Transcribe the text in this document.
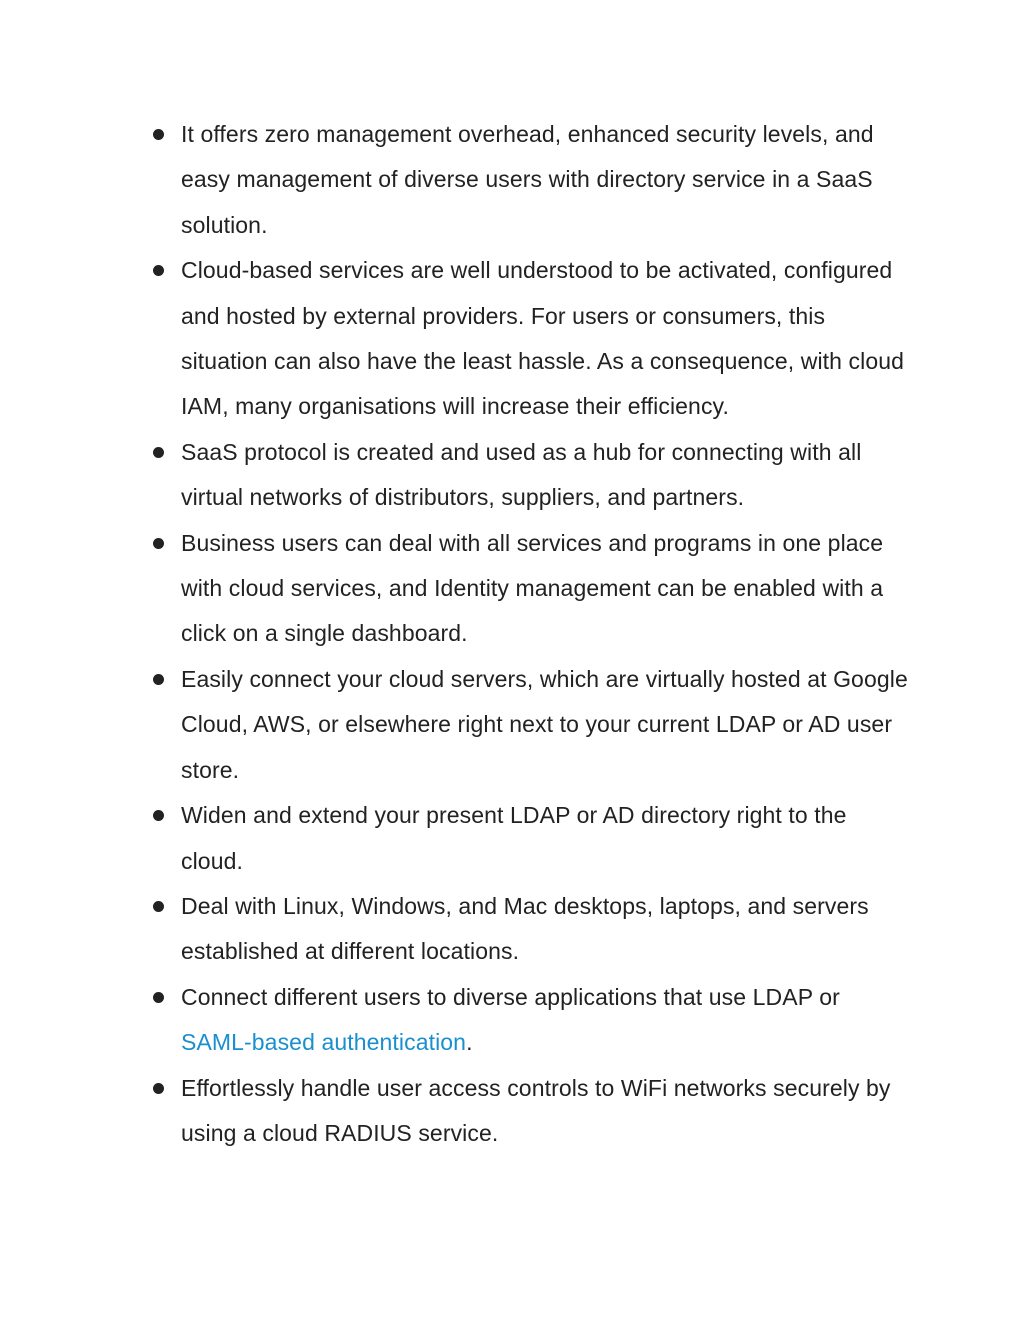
It offers zero management overhead, enhanced security levels, and easy management of diverse users with directory service in a SaaS solution.
Cloud-based services are well understood to be activated, configured and hosted by external providers. For users or consumers, this situation can also have the least hassle. As a consequence, with cloud IAM, many organisations will increase their efficiency.
SaaS protocol is created and used as a hub for connecting with all virtual networks of distributors, suppliers, and partners.
Business users can deal with all services and programs in one place with cloud services, and Identity management can be enabled with a click on a single dashboard.
Easily connect your cloud servers, which are virtually hosted at Google Cloud, AWS, or elsewhere right next to your current LDAP or AD user store.
Widen and extend your present LDAP or AD directory right to the cloud.
Deal with Linux, Windows, and Mac desktops, laptops, and servers established at different locations.
Connect different users to diverse applications that use LDAP or SAML-based authentication.
Effortlessly handle user access controls to WiFi networks securely by using a cloud RADIUS service.
